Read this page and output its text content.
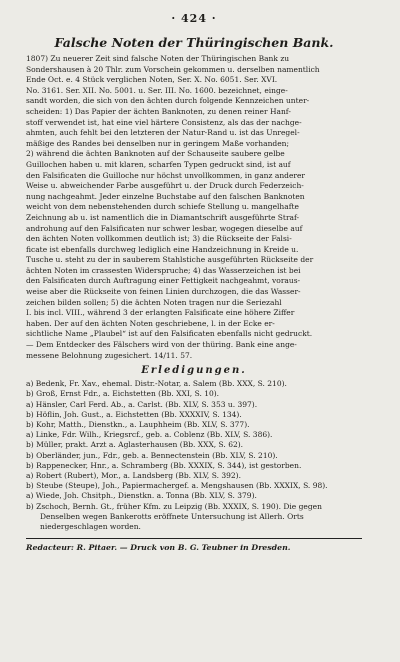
· 424 ·
Falsche Noten der Thüringischen Bank.

1807) Zu neuerer Zeit sind falsche Noten der Thüringischen Bank zu

Sondershausen à 20 Thlr. zum Vorschein gekommen u. derselben namentlich

Ende Oct. e. 4 Stück verglichen Noten, Ser. X. No. 6051. Ser. XVI.

No. 3161. Ser. XII. No. 5001. u. Ser. III. No. 1600. bezeichnet, einge-

sandt worden, die sich von den ächten durch folgende Kennzeichen unter-

scheiden: 1) Das Papier der ächten Banknoten, zu denen reiner Hanf-

stoff verwendet ist, hat eine viel härtere Consistenz, als das der nachge-

ahmten, auch fehlt bei den letzteren der Natur-Rand u. ist das Unregel-

mäßige des Randes bei denselben nur in geringem Maße vorhanden;

2) während die ächten Banknoten auf der Schauseite saubere gelbe

Guillochen haben u. mit klaren, scharfen Typen gedruckt sind, ist auf

den Falsificaten die Guilloche nur höchst unvollkommen, in ganz anderer

Weise u. abweichender Farbe ausgeführt u. der Druck durch Federzeich-

nung nachgeahmt. Jeder einzelne Buchstabe auf den falschen Banknoten

weicht von dem nebenstehenden durch schiefe Stellung u. mangelhafte

Zeichnung ab u. ist namentlich die in Diamantschrift ausgeführte Straf-

androhung auf den Falsificaten nur schwer lesbar, wogegen dieselbe auf

den ächten Noten vollkommen deutlich ist; 3) die Rückseite der Falsi-

ficate ist ebenfalls durchweg lediglich eine Handzeichnung in Kreide u.

Tusche u. steht zu der in sauberem Stahlstiche ausgeführten Rückseite der

ächten Noten im crassesten Widerspruche; 4) das Wasserzeichen ist bei

den Falsificaten durch Auftragung einer Fettigkeit nachgeahmt, voraus-

weise aber die Rückseite von feinen Linien durchzogen, die das Wasser-

zeichen bilden sollen; 5) die ächten Noten tragen nur die Seriezahl

I. bis incl. VIII., während 3 der erlangten Falsificate eine höhere Ziffer

haben. Der auf den ächten Noten geschriebene, l. in der Ecke er-

sichtliche Name „Plaubel“ ist auf den Falsificaten ebenfalls nicht gedruckt.

— Dem Entdecker des Fälschers wird von der thüring. Bank eine ange-

messene Belohnung zugesichert. 14/11. 57.

Erledigungen.

a) Bedenk, Fr. Xav., ehemal. Distr.-Notar, a. Salem (Bb. XXX, S. 210).

b) Groß, Ernst Fdr., a. Eichstetten (Bb. XXI, S. 10).

a) Hänsler, Carl Ferd. Ab., a. Carlst. (Bb. XLV, S. 353 u. 397).

b) Höflin, Joh. Gust., a. Eichstetten (Bb. XXXXIV, S. 134).

b) Kohr, Matth., Dienstkn., a. Lauphheim (Bb. XLV, S. 377).

a) Linke, Fdr. Wilh., Kriegsrcf., geb. a. Coblenz (Bb. XLV, S. 386).

b) Müller, prakt. Arzt a. Aglasterhausen (Bb. XXX, S. 62).

b) Oberländer, jun., Fdr., geb. a. Bennectenstein (Bb. XLV, S. 210).

b) Rappenecker, Hnr., a. Schramberg (Bb. XXXIX, S. 344), ist gestorben.

a) Robert (Rubert), Mor., a. Landsberg (Bb. XLV, S. 392).

b) Steube (Steupe), Joh., Papiermachergef. a. Mengshausen (Bb. XXXIX, S. 98).

a) Wiede, Joh. Chsitph., Dienstkn. a. Tonna (Bb. XLV, S. 379).

b) Zschoch, Bernh. Gt., früher Kfm. zu Leipzig (Bb. XXXIX, S. 190). Die gegen Denselben wegen Bankerotts eröffnete Untersuchung ist Allerh. Orts niedergeschlagen worden.

Redacteur: R. Pitaer. — Druck von B. G. Teubner in Dresden.
